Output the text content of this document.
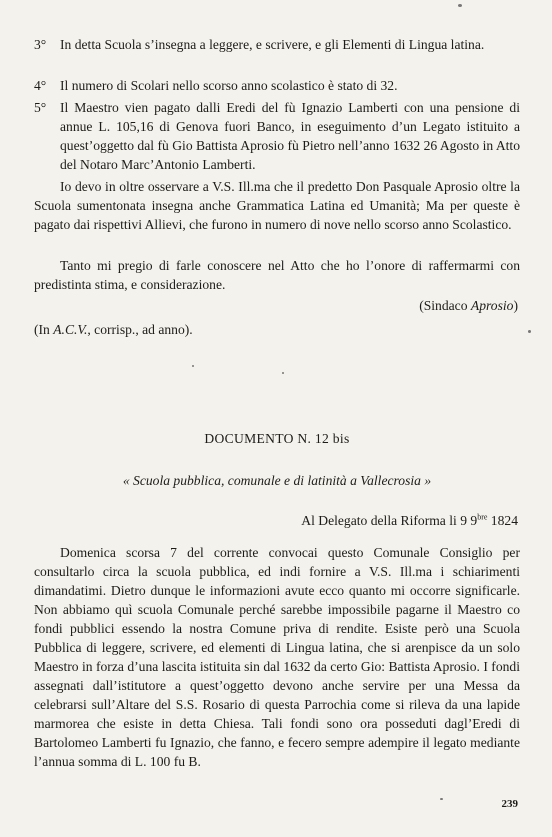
3°	In detta Scuola s’insegna a leggere, e scrivere, e gli Elementi di Lingua latina.
4°	Il numero di Scolari nello scorso anno scolastico è stato di 32.
5°	Il Maestro vien pagato dalli Eredi del fù Ignazio Lamberti con una pensione di annue L. 105,16 di Genova fuori Banco, in eseguimento d’un Legato istituito a quest’oggetto dal fù Gio Battista Aprosio fù Pietro nell’anno 1632 26 Agosto in Atto del Notaro Marc’Antonio Lamberti.

Io devo in oltre osservare a V.S. Ill.ma che il predetto Don Pasquale Aprosio oltre la Scuola sumentonata insegna anche Grammatica Latina ed Umanità; Ma per queste è pagato dai rispettivi Allievi, che furono in numero di nove nello scorso anno Scolastico.

Tanto mi pregio di farle conoscere nel Atto che ho l’onore di raffermarmi con predistinta stima, e considerazione.

(Sindaco Aprosio)

(In A.C.V., corrisp., ad anno).

DOCUMENTO N. 12 bis

« Scuola pubblica, comunale e di latinità a Vallecrosia »

Al Delegato della Riforma li 9 $9^{bre}$ 1824

Domenica scorsa 7 del corrente convocai questo Comunale Consiglio per consultarlo circa la scuola pubblica, ed indi fornire a V.S. Ill.ma i schiarimenti dimandatimi. Dietro dunque le informazioni avute ecco quanto mi occorre significarle. Non abbiamo quì scuola Comunale perché sarebbe impossibile pagarne il Maestro co fondi pubblici essendo la nostra Comune priva di rendite. Esiste però una Scuola Pubblica di leggere, scrivere, ed elementi di Lingua latina, che si arenpisce da un solo Maestro in forza d’una lascita istituita sin dal 1632 da certo Gio: Battista Aprosio. I fondi assegnati dall’istitutore a quest’oggetto devono anche servire per una Messa da celebrarsi sull’Altare del S.S. Rosario di questa Parrochia come si rileva da una lapide marmorea che esiste in detta Chiesa. Tali fondi sono ora posseduti dagl’Eredi di Bartolomeo Lamberti fu Ignazio, che fanno, e fecero sempre adempire il legato mediante l’annua somma di L. 100 fu B.

239
